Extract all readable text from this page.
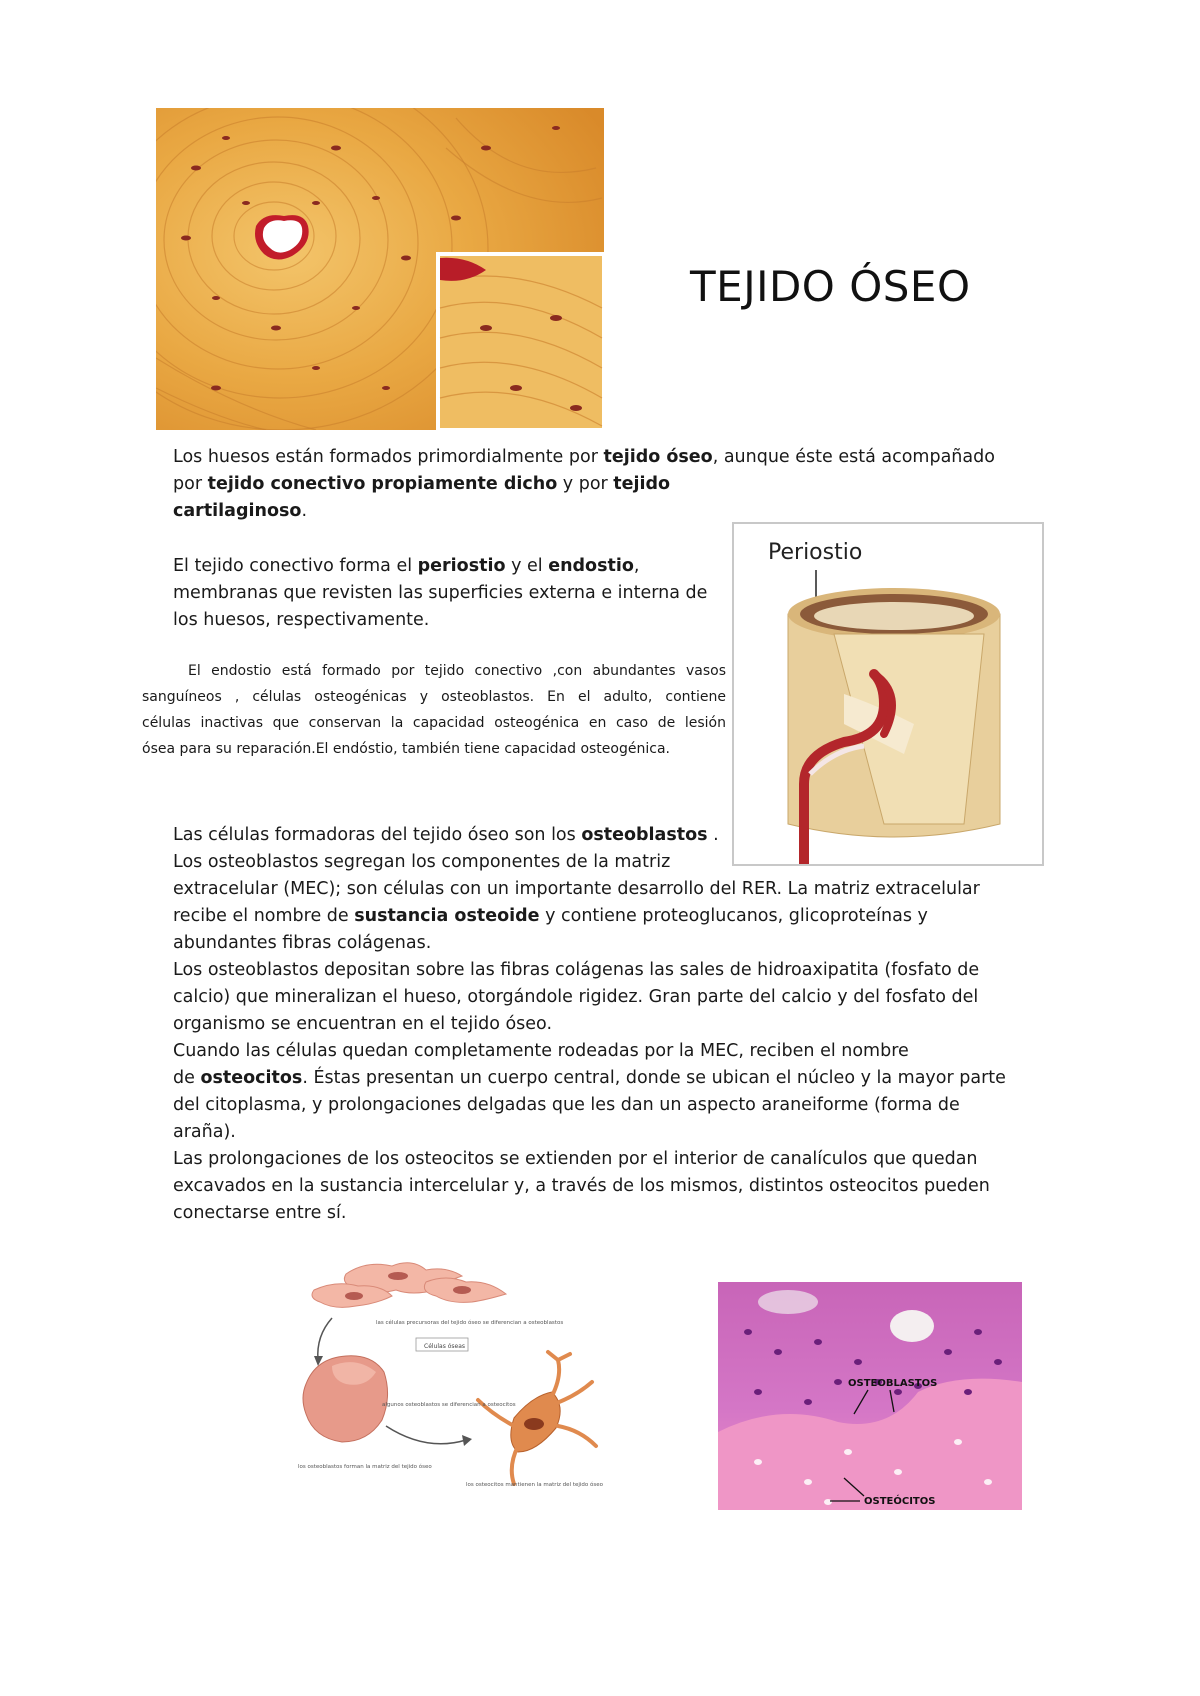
TEJIDO ÓSEO
Los huesos están formados primordialmente por tejido óseo, aunque éste está acompañado
por tejido conectivo propiamente dicho y por tejido
cartilaginoso.
El tejido conectivo forma el periostio y el endostio,
membranas que revisten las superficies externa e interna de
los huesos, respectivamente.
El endostio está formado por tejido conectivo ,con abundantes vasos
sanguíneos , células osteogénicas y osteoblastos. En el adulto, contiene
células inactivas que conservan la capacidad osteogénica en caso de lesión
ósea para su reparación.El endóstio, también tiene capacidad osteogénica.
Periostio
Las células formadoras del tejido óseo son los osteoblastos .
Los osteoblastos segregan los componentes de la matriz
extracelular (MEC); son células con un importante desarrollo del RER. La matriz extracelular
recibe el nombre de sustancia osteoide y contiene proteoglucanos, glicoproteínas y
abundantes fibras colágenas.
Los osteoblastos depositan sobre las fibras colágenas las sales de hidroaxipatita (fosfato de
calcio) que mineralizan el hueso, otorgándole rigidez. Gran parte del calcio y del fosfato del
organismo se encuentran en el tejido óseo.
Cuando las células quedan completamente rodeadas por la MEC, reciben el nombre
de osteocitos. Éstas presentan un cuerpo central, donde se ubican el núcleo y la mayor parte
del citoplasma, y prolongaciones delgadas que les dan un aspecto araneiforme (forma de
araña).
Las prolongaciones de los osteocitos se extienden por el interior de canalículos que quedan
excavados en la sustancia intercelular y, a través de los mismos, distintos osteocitos pueden
conectarse entre sí.
las células precursoras del tejido óseo se diferencian a osteoblastos
Células óseas
algunos osteoblastos se diferencian a osteocitos
los osteoblastos forman la matriz del tejido óseo
los osteocitos mantienen la matriz del tejido óseo
OSTEOBLASTOS
OSTEÓCITOS
